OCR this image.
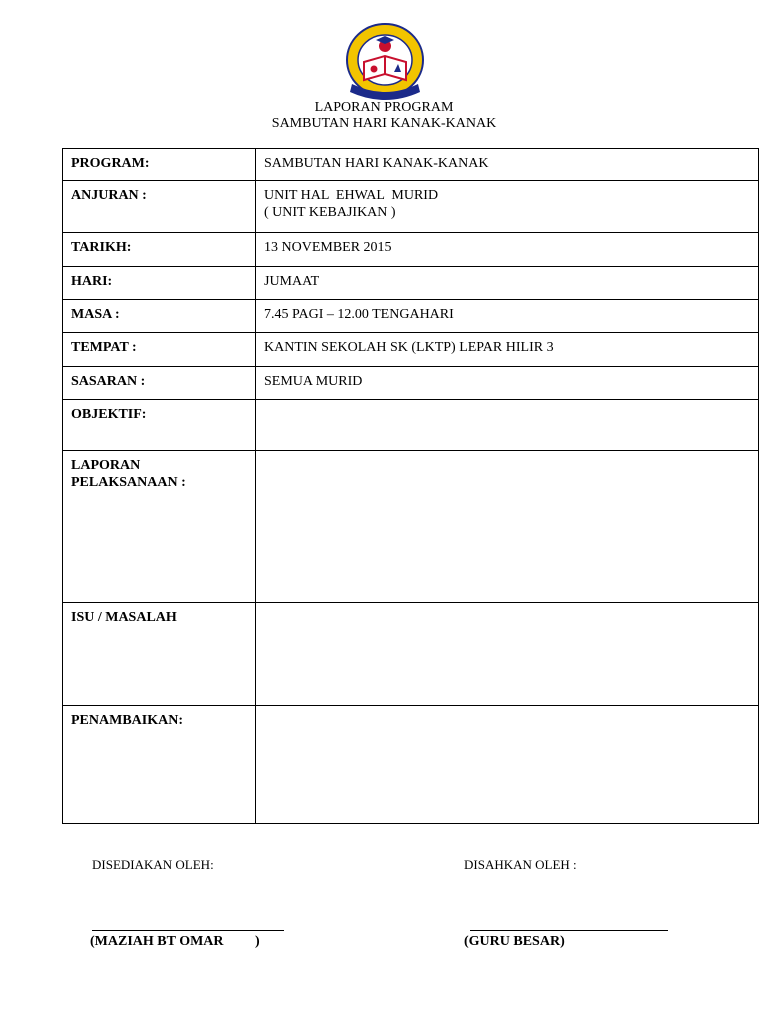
LAPORAN PROGRAM
SAMBUTAN HARI KANAK-KANAK
PROGRAM:	SAMBUTAN HARI KANAK-KANAK
ANJURAN :	UNIT HAL  EHWAL  MURID
( UNIT KEBAJIKAN )

TARIKH:	13 NOVEMBER 2015
HARI:	JUMAAT
MASA :	7.45 PAGI – 12.00 TENGAHARI
TEMPAT :	KANTIN SEKOLAH SK (LKTP) LEPAR HILIR 3
SASARAN :	SEMUA MURID
OBJEKTIF:	

LAPORAN
PELAKSANAAN :	

ISU / MASALAH	
PENAMBAIKAN:	
DISEDIAKAN OLEH:	DISAHKAN OLEH :
(MAZIAH BT OMAR         )	(GURU BESAR)
